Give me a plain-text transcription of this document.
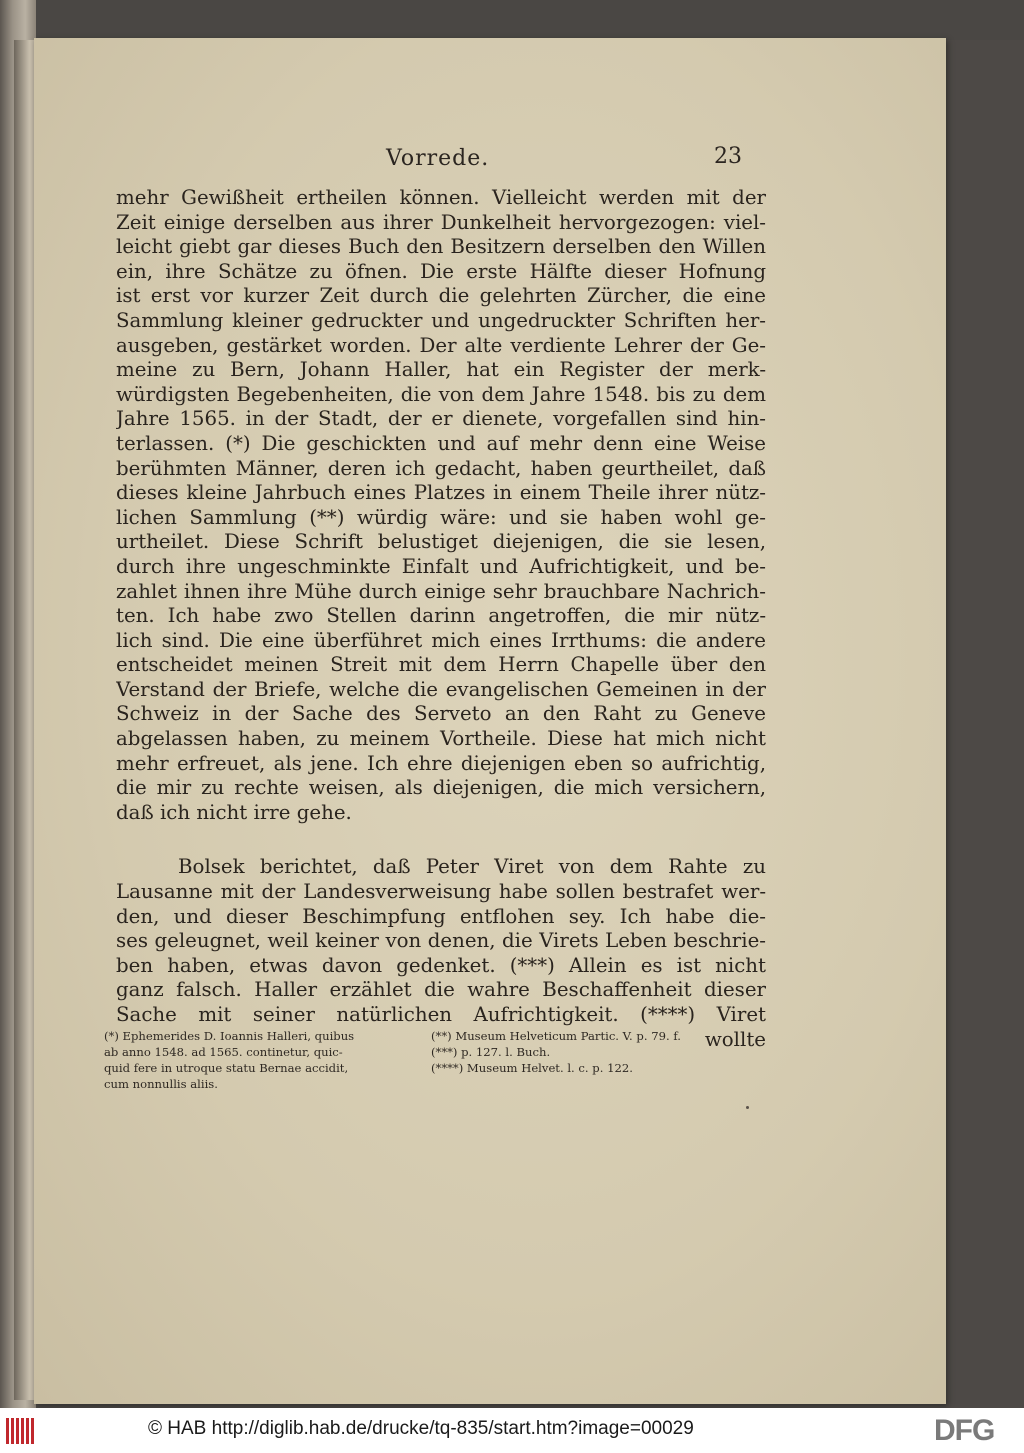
Vorrede.	23
mehr Gewißheit ertheilen können. Vielleicht werden mit der
Zeit einige derselben aus ihrer Dunkelheit hervorgezogen: viel-
leicht giebt gar dieses Buch den Besitzern derselben den Willen
ein, ihre Schätze zu öfnen. Die erste Hälfte dieser Hofnung
ist erst vor kurzer Zeit durch die gelehrten Zürcher, die eine
Sammlung kleiner gedruckter und ungedruckter Schriften her-
ausgeben, gestärket worden. Der alte verdiente Lehrer der Ge-
meine zu Bern, Johann Haller, hat ein Register der merk-
würdigsten Begebenheiten, die von dem Jahre 1548. bis zu dem
Jahre 1565. in der Stadt, der er dienete, vorgefallen sind hin-
terlassen. (*) Die geschickten und auf mehr denn eine Weise
berühmten Männer, deren ich gedacht, haben geurtheilet, daß
dieses kleine Jahrbuch eines Platzes in einem Theile ihrer nütz-
lichen Sammlung (**) würdig wäre: und sie haben wohl ge-
urtheilet. Diese Schrift belustiget diejenigen, die sie lesen,
durch ihre ungeschminkte Einfalt und Aufrichtigkeit, und be-
zahlet ihnen ihre Mühe durch einige sehr brauchbare Nachrich-
ten. Ich habe zwo Stellen darinn angetroffen, die mir nütz-
lich sind. Die eine überführet mich eines Irrthums: die andere
entscheidet meinen Streit mit dem Herrn Chapelle über den
Verstand der Briefe, welche die evangelischen Gemeinen in der
Schweiz in der Sache des Serveto an den Raht zu Geneve
abgelassen haben, zu meinem Vortheile. Diese hat mich nicht
mehr erfreuet, als jene. Ich ehre diejenigen eben so aufrichtig,
die mir zu rechte weisen, als diejenigen, die mich versichern,
daß ich nicht irre gehe.
Bolsek berichtet, daß Peter Viret von dem Rahte zu
Lausanne mit der Landesverweisung habe sollen bestrafet wer-
den, und dieser Beschimpfung entflohen sey. Ich habe die-
ses geleugnet, weil keiner von denen, die Virets Leben beschrie-
ben haben, etwas davon gedenket. (***) Allein es ist nicht
ganz falsch. Haller erzählet die wahre Beschaffenheit dieser
Sache mit seiner natürlichen Aufrichtigkeit. (****) Viret
wollte
(*) Ephemerides D. Ioannis Halleri, quibus
ab anno 1548. ad 1565. continetur, quic-
quid fere in utroque statu Bernae accidit,
cum nonnullis aliis.
(**) Museum Helveticum Partic. V. p. 79. f.
(***) p. 127. l. Buch.
(****) Museum Helvet. l. c. p. 122.
© HAB http://diglib.hab.de/drucke/tq-835/start.htm?image=00029	DFG
